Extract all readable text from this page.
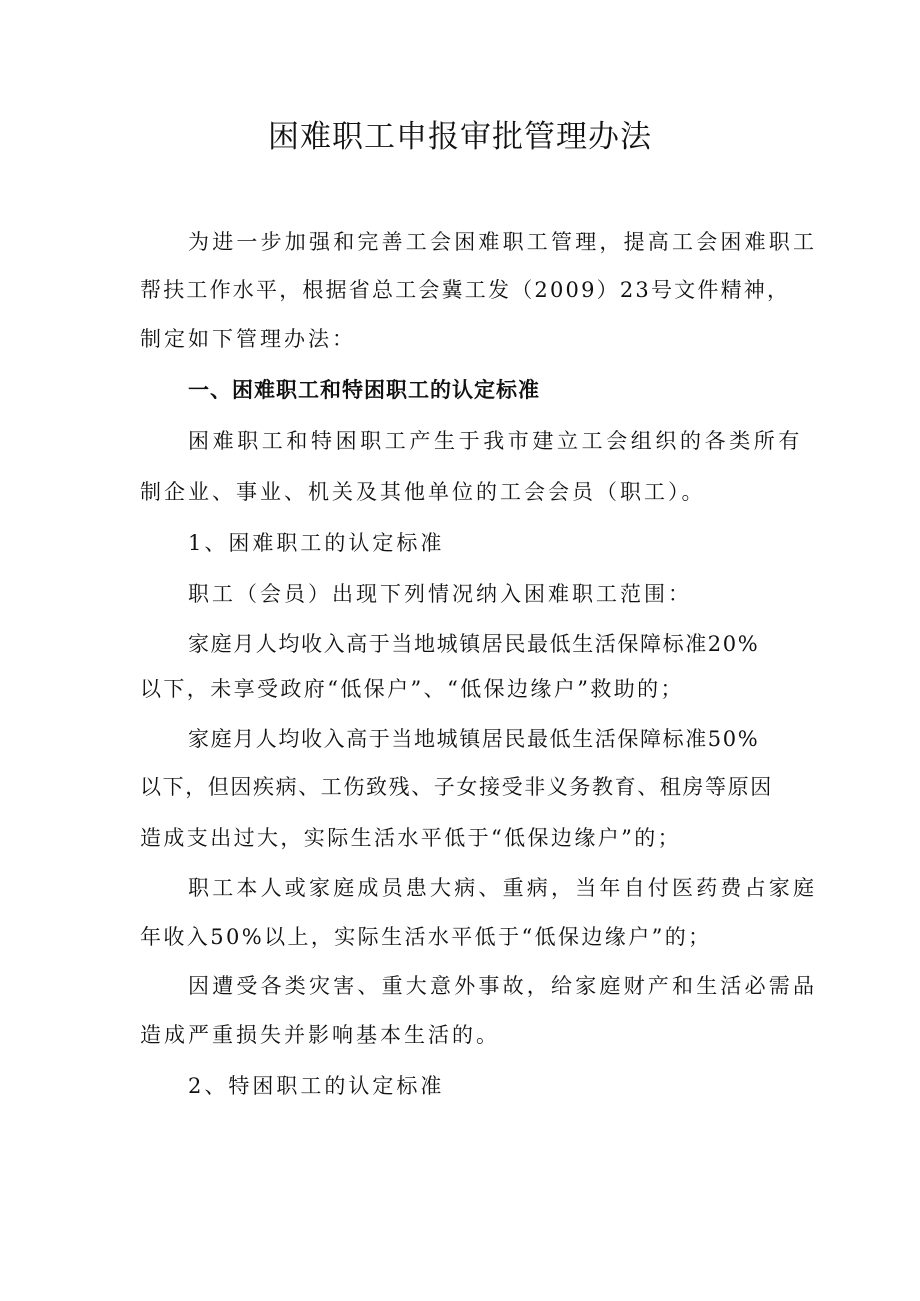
困难职工申报审批管理办法
为进一步加强和完善工会困难职工管理，提高工会困难职工
帮扶工作水平，根据省总工会冀工发（2009）23号文件精神，
制定如下管理办法：
一、困难职工和特困职工的认定标准
困难职工和特困职工产生于我市建立工会组织的各类所有
制企业、事业、机关及其他单位的工会会员（职工）。
1、困难职工的认定标准
职工（会员）出现下列情况纳入困难职工范围：
家庭月人均收入高于当地城镇居民最低生活保障标准20%
以下，未享受政府“低保户”、“低保边缘户”救助的；
家庭月人均收入高于当地城镇居民最低生活保障标准50%
以下，但因疾病、工伤致残、子女接受非义务教育、租房等原因
造成支出过大，实际生活水平低于“低保边缘户”的；
职工本人或家庭成员患大病、重病，当年自付医药费占家庭
年收入50%以上，实际生活水平低于“低保边缘户”的；
因遭受各类灾害、重大意外事故，给家庭财产和生活必需品
造成严重损失并影响基本生活的。
2、特困职工的认定标准
